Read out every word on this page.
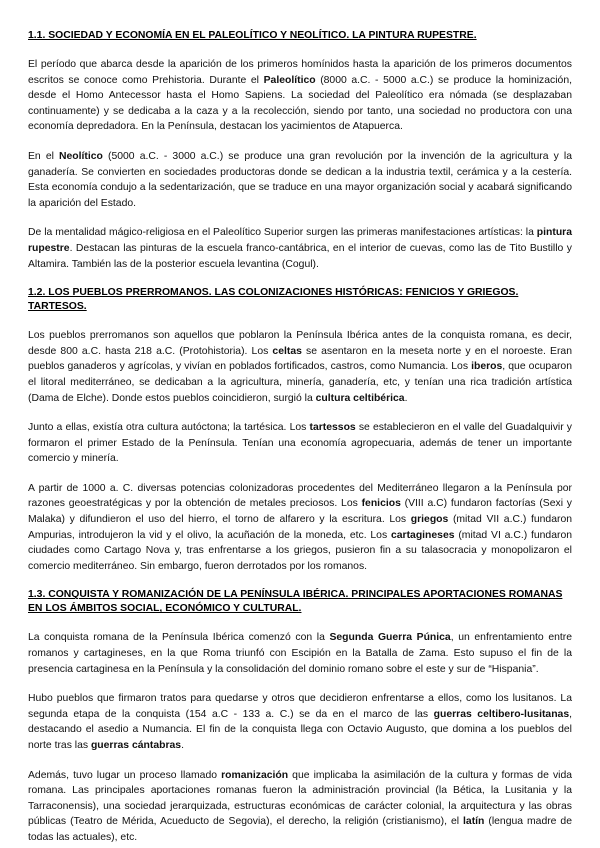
1.1. SOCIEDAD Y ECONOMÍA EN EL PALEOLÍTICO Y NEOLÍTICO. LA PINTURA RUPESTRE.

El período que abarca desde la aparición de los primeros homínidos hasta la aparición de los primeros documentos escritos se conoce como Prehistoria. Durante el Paleolítico (8000 a.C. - 5000 a.C.) se produce la hominización, desde el Homo Antecessor hasta el Homo Sapiens. La sociedad del Paleolítico era nómada (se desplazaban continuamente) y se dedicaba a la caza y a la recolección, siendo por tanto, una sociedad no productora con una economía depredadora. En la Península, destacan los yacimientos de Atapuerca.

En el Neolítico (5000 a.C. - 3000 a.C.) se produce una gran revolución por la invención de la agricultura y la ganadería. Se convierten en sociedades productoras donde se dedican a la industria textil, cerámica y a la cestería. Esta economía condujo a la sedentarización, que se traduce en una mayor organización social y acabará significando la aparición del Estado.

De la mentalidad mágico-religiosa en el Paleolítico Superior surgen las primeras manifestaciones artísticas: la pintura rupestre. Destacan las pinturas de la escuela franco-cantábrica, en el interior de cuevas, como las de Tito Bustillo y Altamira. También las de la posterior escuela levantina (Cogul).

1.2. LOS PUEBLOS PRERROMANOS. LAS COLONIZACIONES HISTÓRICAS: FENICIOS Y GRIEGOS. TARTESOS.

Los pueblos prerromanos son aquellos que poblaron la Península Ibérica antes de la conquista romana, es decir, desde 800 a.C. hasta 218 a.C. (Protohistoria). Los celtas se asentaron en la meseta norte y en el noroeste. Eran pueblos ganaderos y agrícolas, y vivían en poblados fortificados, castros, como Numancia. Los iberos, que ocuparon el litoral mediterráneo, se dedicaban a la agricultura, minería, ganadería, etc, y tenían una rica tradición artística (Dama de Elche). Donde estos pueblos coincidieron, surgió la cultura celtibérica.

Junto a ellas, existía otra cultura autóctona; la tartésica. Los tartessos se establecieron en el valle del Guadalquivir y formaron el primer Estado de la Península. Tenían una economía agropecuaria, además de tener un importante comercio y minería.

A partir de 1000 a. C. diversas potencias colonizadoras procedentes del Mediterráneo llegaron a la Península por razones geoestratégicas y por la obtención de metales preciosos. Los fenicios (VIII a.C) fundaron factorías (Sexi y Malaka) y difundieron el uso del hierro, el torno de alfarero y la escritura. Los griegos (mitad VII a.C.) fundaron Ampurias, introdujeron la vid y el olivo, la acuñación de la moneda, etc. Los cartagineses (mitad VI a.C.) fundaron ciudades como Cartago Nova y, tras enfrentarse a los griegos, pusieron fin a su talasocracia y monopolizaron el comercio mediterráneo. Sin embargo, fueron derrotados por los romanos.

1.3. CONQUISTA Y ROMANIZACIÓN DE LA PENÍNSULA IBÉRICA. PRINCIPALES APORTACIONES ROMANAS EN LOS ÁMBITOS SOCIAL, ECONÓMICO Y CULTURAL.

La conquista romana de la Península Ibérica comenzó con la Segunda Guerra Púnica, un enfrentamiento entre romanos y cartagineses, en la que Roma triunfó con Escipión en la Batalla de Zama. Esto supuso el fin de la presencia cartaginesa en la Península y la consolidación del dominio romano sobre el este y sur de “Hispania”.

Hubo pueblos que firmaron tratos para quedarse y otros que decidieron enfrentarse a ellos, como los lusitanos. La segunda etapa de la conquista (154 a.C - 133 a. C.) se da en el marco de las guerras celtibero-lusitanas, destacando el asedio a Numancia. El fin de la conquista llega con Octavio Augusto, que domina a los pueblos del norte tras las guerras cántabras.

Además, tuvo lugar un proceso llamado romanización que implicaba la asimilación de la cultura y formas de vida romana. Las principales aportaciones romanas fueron la administración provincial (la Bética, la Lusitania y la Tarraconensis), una sociedad jerarquizada, estructuras económicas de carácter colonial, la arquitectura y las obras públicas (Teatro de Mérida, Acueducto de Segovia), el derecho, la religión (cristianismo), el latín (lengua madre de todas las actuales), etc.
